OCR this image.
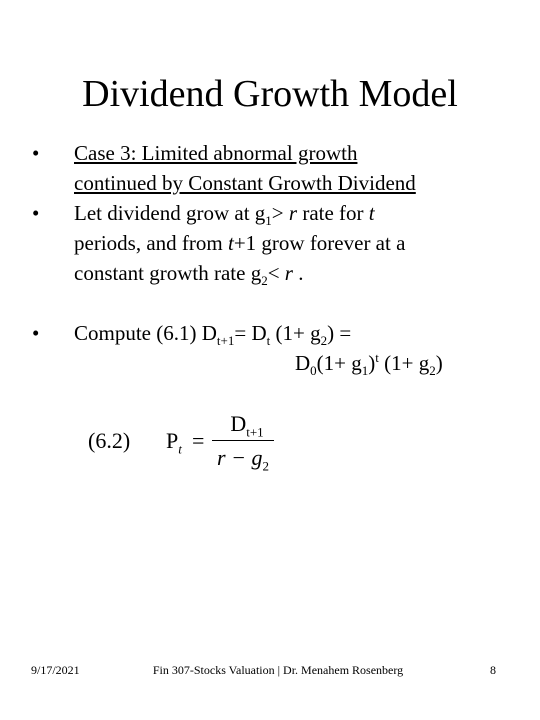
Dividend Growth Model
•	Case 3: Limited abnormal growth
continued by Constant Growth Dividend
•	Let dividend grow at $g_1> r$ rate for t
periods, and from t+1 grow forever at a
constant growth rate $g_2< r$ .
•	Compute (6.1) $D_{t+1}= D_t$ $(1+ g_2)$ =
$D_0(1+ g_1)^t$ $(1+ g_2)$
(6.2) $P_t$ =
$D_{t+1}$
$r - g_2$
9/17/2021	Fin 307-Stocks Valuation | Dr. Menahem Rosenberg	8
